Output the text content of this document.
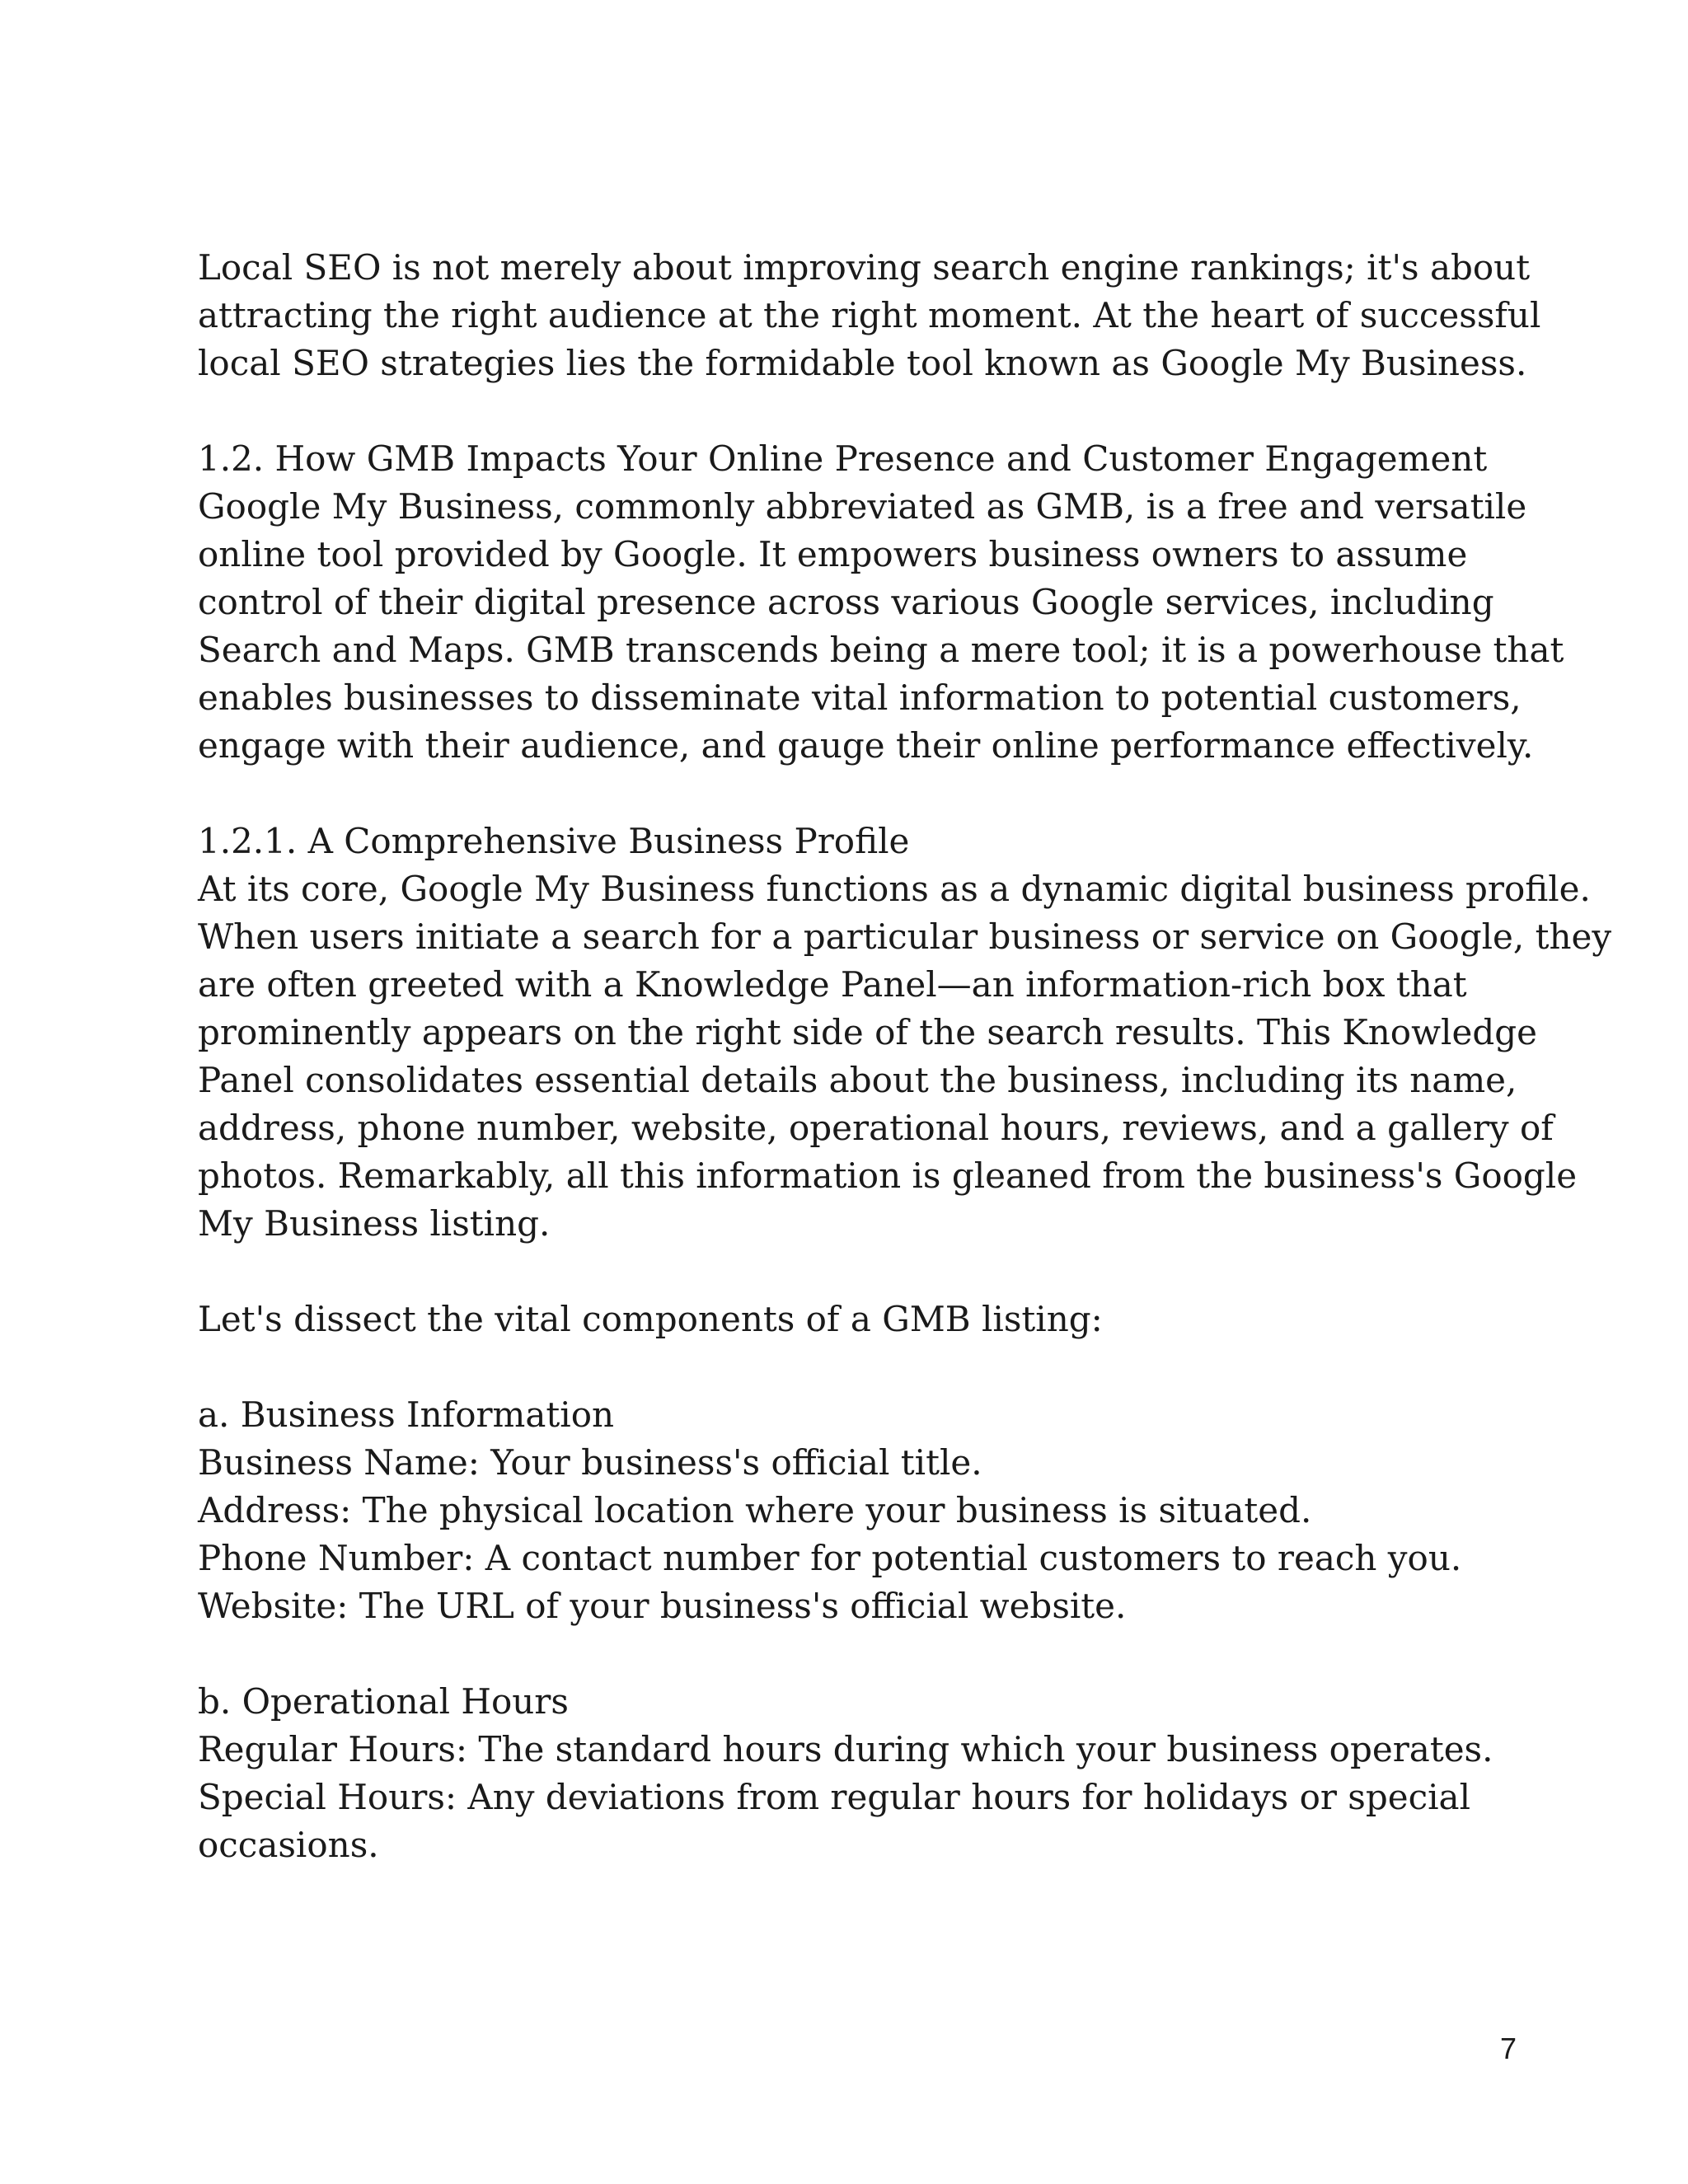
Local SEO is not merely about improving search engine rankings; it's about
attracting the right audience at the right moment. At the heart of successful
local SEO strategies lies the formidable tool known as Google My Business.
1.2. How GMB Impacts Your Online Presence and Customer Engagement
Google My Business, commonly abbreviated as GMB, is a free and versatile
online tool provided by Google. It empowers business owners to assume
control of their digital presence across various Google services, including
Search and Maps. GMB transcends being a mere tool; it is a powerhouse that
enables businesses to disseminate vital information to potential customers,
engage with their audience, and gauge their online performance effectively.
1.2.1. A Comprehensive Business Profile
At its core, Google My Business functions as a dynamic digital business profile.
When users initiate a search for a particular business or service on Google, they
are often greeted with a Knowledge Panel—an information-rich box that
prominently appears on the right side of the search results. This Knowledge
Panel consolidates essential details about the business, including its name,
address, phone number, website, operational hours, reviews, and a gallery of
photos. Remarkably, all this information is gleaned from the business's Google
My Business listing.
Let's dissect the vital components of a GMB listing:
a. Business Information
Business Name: Your business's official title.
Address: The physical location where your business is situated.
Phone Number: A contact number for potential customers to reach you.
Website: The URL of your business's official website.
b. Operational Hours
Regular Hours: The standard hours during which your business operates.
Special Hours: Any deviations from regular hours for holidays or special
occasions.
7
